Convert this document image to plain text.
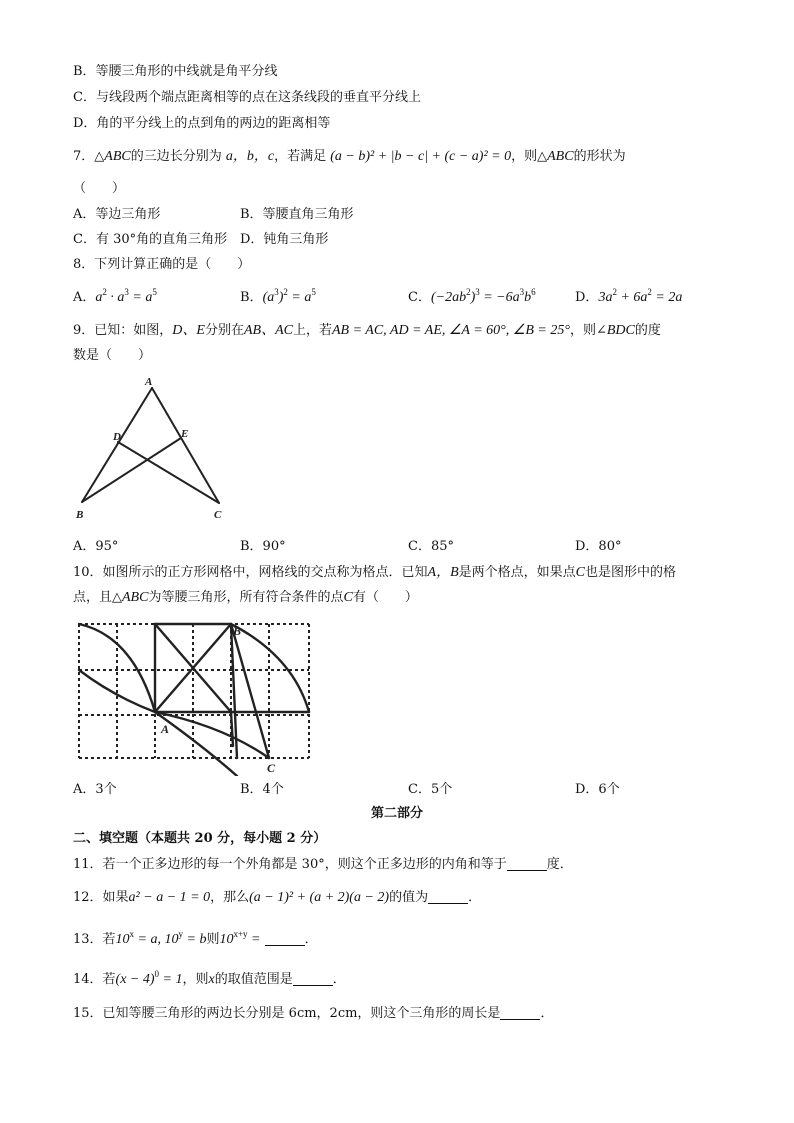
B．等腰三角形的中线就是角平分线
C．与线段两个端点距离相等的点在这条线段的垂直平分线上
D．角的平分线上的点到角的两边的距离相等
7．△ABC的三边长分别为 a，b，c，若满足 (a − b)² + |b − c| + (c − a)² = 0，则△ABC的形状为
（　　）
A．等边三角形	B．等腰直角三角形
C．有 30°角的直角三角形 D．钝角三角形
8．下列计算正确的是（　　）
A．$a^2 \cdot a^3 = a^5$	B．$(a^3)^2 = a^5$	C．$(-2ab^2)^3 = -6a^3b^6$	D．$3a^2 + 6a^2 = 2a$
9．已知：如图，D、E分别在AB、AC上，若AB = AC, AD = AE, ∠A = 60°, ∠B = 25°，则∠BDC的度
数是（　　）
A
B	C
D	E
A．95°	B．90°	C．85°	D．80°
10．如图所示的正方形网格中，网格线的交点称为格点．已知A，B是两个格点，如果点C也是图形中的格
点，且△ABC为等腰三角形，所有符合条件的点C有（　　）
A
B
C
A．3个	B．4个	C．5个	D．6个
第二部分
二、填空题（本题共 20 分，每小题 2 分）
11．若一个正多边形的每一个外角都是 30°，则这个正多边形的内角和等于	度．
12．如果a² − a − 1 = 0，那么(a − 1)² + (a + 2)(a − 2)的值为	．
13．若$10^x = a$, $10^y = b$则$10^{x+y}$ =	．
14．若$(x - 4)^0 = 1$，则x的取值范围是	．
15．已知等腰三角形的两边长分别是 6cm，2cm，则这个三角形的周长是	．
